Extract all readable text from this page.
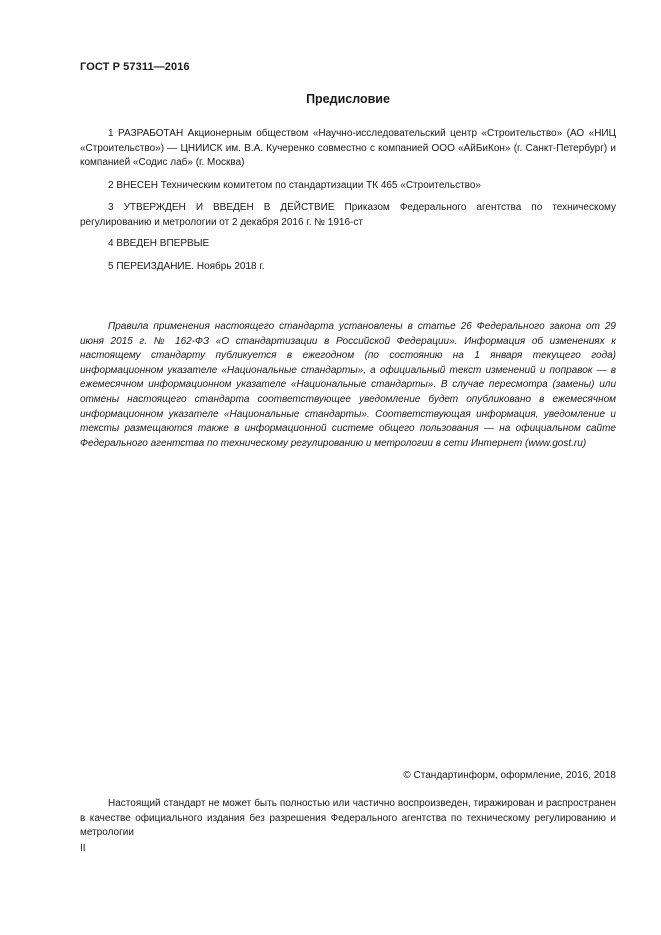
ГОСТ Р 57311—2016
Предисловие

1 РАЗРАБОТАН Акционерным обществом «Научно-исследовательский центр «Строительство» (АО «НИЦ «Строительство») — ЦНИИСК им. В.А. Кучеренко совместно с компанией ООО «АйБиКон» (г. Санкт-Петербург) и компанией «Содис лаб» (г. Москва)

2 ВНЕСЕН Техническим комитетом по стандартизации ТК 465 «Строительство»

3 УТВЕРЖДЕН И ВВЕДЕН В ДЕЙСТВИЕ Приказом Федерального агентства по техническому регулированию и метрологии от 2 декабря 2016 г. № 1916-ст

4 ВВЕДЕН ВПЕРВЫЕ

5 ПЕРЕИЗДАНИЕ. Ноябрь 2018 г.

Правила применения настоящего стандарта установлены в статье 26 Федерального закона от 29 июня 2015 г. № 162-ФЗ «О стандартизации в Российской Федерации». Информация об изменениях к настоящему стандарту публикуется в ежегодном (по состоянию на 1 января текущего года) информационном указателе «Национальные стандарты», а официальный текст изменений и поправок — в ежемесячном информационном указателе «Национальные стандарты». В случае пересмотра (замены) или отмены настоящего стандарта соответствующее уведомление будет опубликовано в ежемесячном информационном указателе «Национальные стандарты». Соответствующая информация, уведомление и тексты размещаются также в информационной системе общего пользования — на официальном сайте Федерального агентства по техническому регулированию и метрологии в сети Интернет (www.gost.ru)

© Стандартинформ, оформление, 2016, 2018

Настоящий стандарт не может быть полностью или частично воспроизведен, тиражирован и распространен в качестве официального издания без разрешения Федерального агентства по техническому регулированию и метрологии

II
